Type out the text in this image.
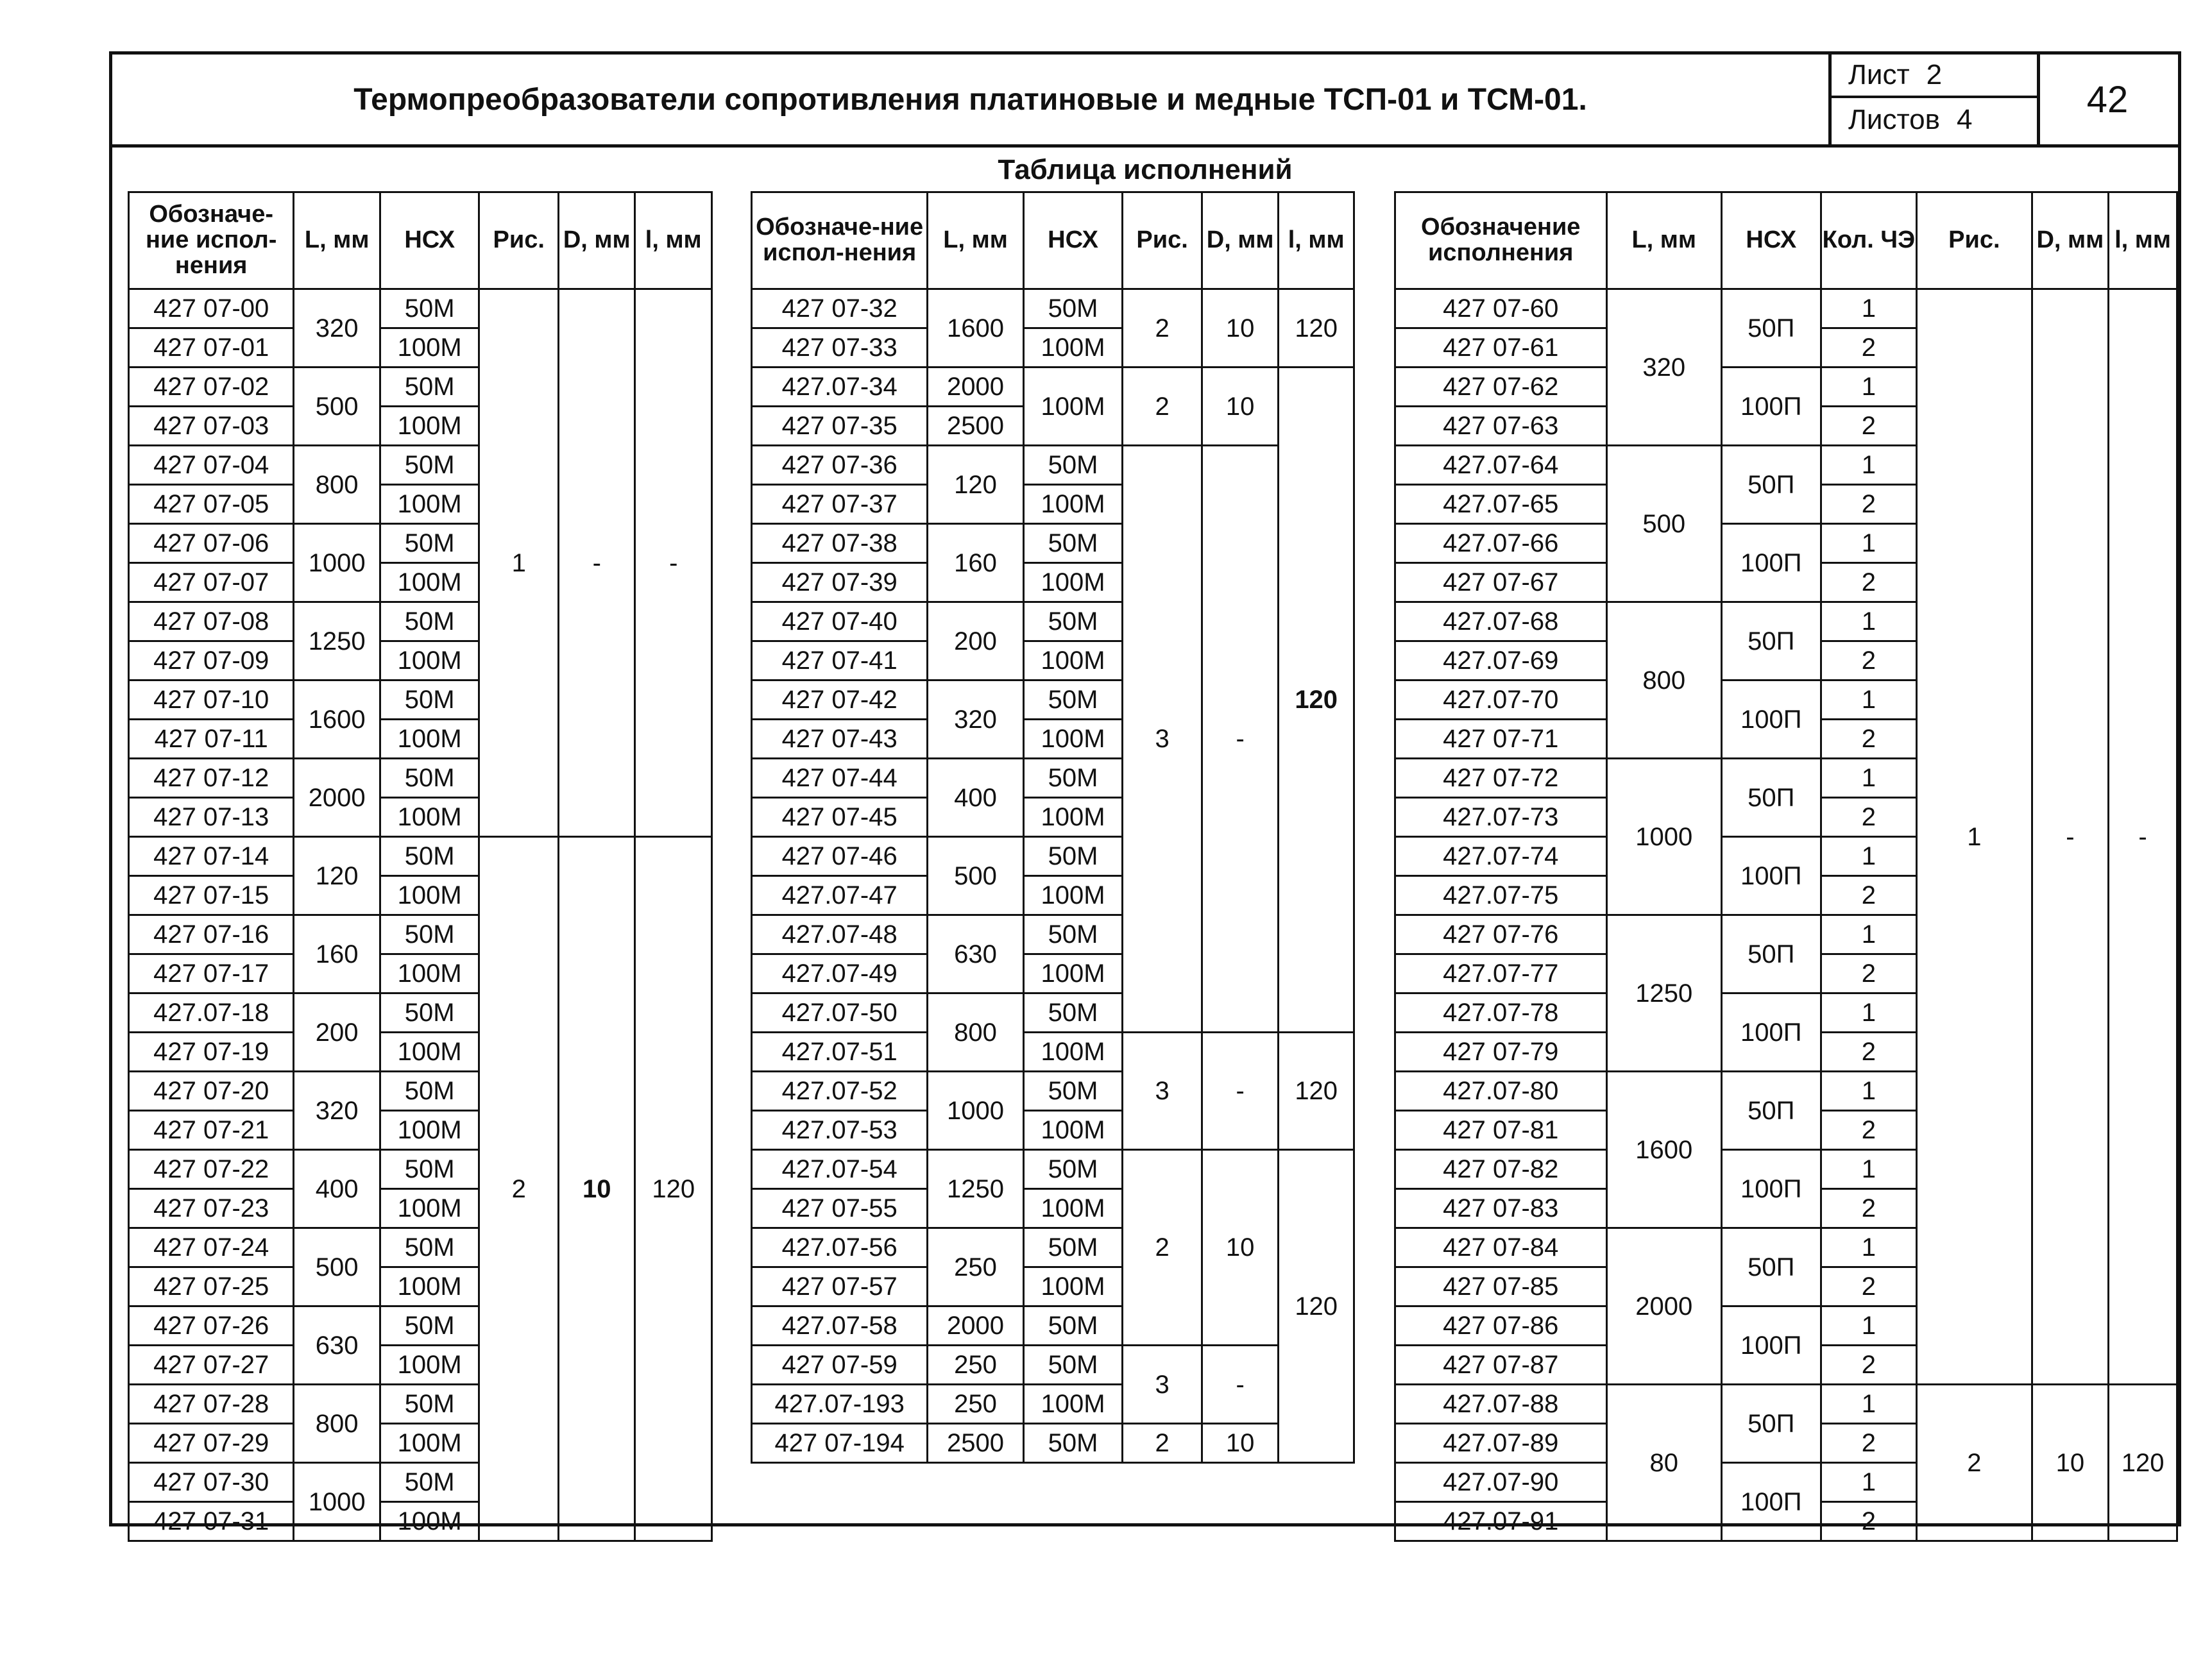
Термопреобразователи сопротивления платиновые и медные ТСП-01 и ТСМ-01.
Лист 2
Листов 4	42
Таблица исполнений
Обозначе-ние испол-нения	L, мм	НСХ	Рис.	D, мм	l, мм
427 07-00	320	50М	1	-	-
427 07-01		100М			
427 07-02	500	50М			
427 07-03		100М			
427 07-04	800	50М			
427 07-05		100М			
427 07-06	1000	50М			
427 07-07		100М			
427 07-08	1250	50М			
427 07-09		100М			
427 07-10	1600	50М			
427 07-11		100М			
427 07-12	2000	50М			
427 07-13		100М			
427 07-14	120	50М	2	10	120
427 07-15		100М			
427 07-16	160	50М			
427 07-17		100М			
427.07-18	200	50М			
427 07-19		100М			
427 07-20	320	50М			
427 07-21		100М			
427 07-22	400	50М			
427 07-23		100М			
427 07-24	500	50М			
427 07-25		100М			
427 07-26	630	50М			
427 07-27		100М			
427 07-28	800	50М			
427 07-29		100М			
427 07-30	1000	50М			
427 07-31		100М			
Обозначе-ние испол-нения	L, мм	НСХ	Рис.	D, мм	l, мм
427 07-32	1600	50М	2	10	120
427 07-33		100М			
427.07-34	2000	100М	2	10	120
427 07-35	2500				
427 07-36	120	50М	3	-	
427 07-37		100М			
427 07-38	160	50М			
427 07-39		100М			
427 07-40	200	50М			
427 07-41		100М			
427 07-42	320	50М			
427 07-43		100М			
427 07-44	400	50М			
427 07-45		100М			
427 07-46	500	50М			
427.07-47		100М			
427.07-48	630	50М			
427.07-49		100М			
427.07-50	800	50М			
427.07-51		100М	3	-	120
427.07-52	1000	50М			
427.07-53		100М			
427.07-54	1250	50М	2	10	120
427 07-55		100М			
427.07-56	250	50М			
427 07-57		100М			
427.07-58	2000	50М			
427 07-59	250	50М	3	-	
427.07-193	250	100М			
427 07-194	2500	50М	2	10	
Обозначение исполнения	L, мм	НСХ	Кол. ЧЭ	Рис.	D, мм	l, мм
427 07-60	320	50П	1	1	-	-
427 07-61			2			
427 07-62		100П	1			
427 07-63			2			
427.07-64	500	50П	1			
427.07-65			2			
427.07-66		100П	1			
427 07-67			2			
427.07-68	800	50П	1			
427.07-69			2			
427.07-70		100П	1			
427 07-71			2			
427 07-72	1000	50П	1			
427.07-73			2			
427.07-74		100П	1			
427.07-75			2			
427 07-76	1250	50П	1			
427.07-77			2			
427.07-78		100П	1			
427 07-79			2			
427.07-80	1600	50П	1			
427 07-81			2			
427 07-82		100П	1			
427 07-83			2			
427 07-84	2000	50П	1			
427 07-85			2			
427 07-86		100П	1			
427 07-87			2			
427.07-88	80	50П	1	2	10	120
427.07-89			2			
427.07-90		100П	1			
427.07-91			2			
